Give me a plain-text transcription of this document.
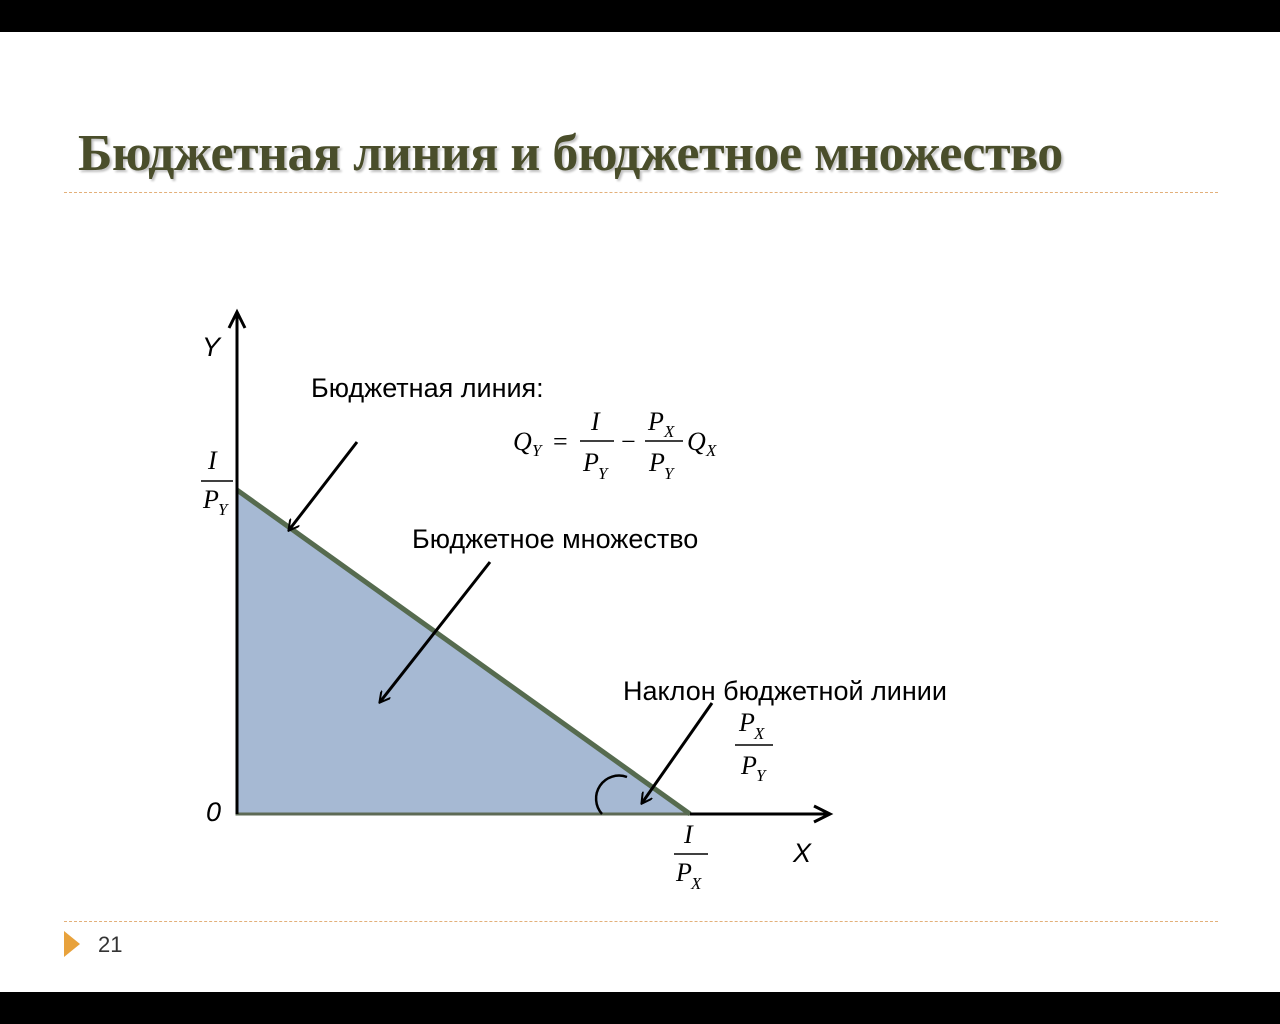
Бюджетная линия и бюджетное множество
21
Y
X
0
I
P Y
I
P X
Бюджетная линия:
Бюджетное множество
Наклон бюджетной линии
Q Y =
I
P Y
−
P X
P Y
Q X
P X
P Y
